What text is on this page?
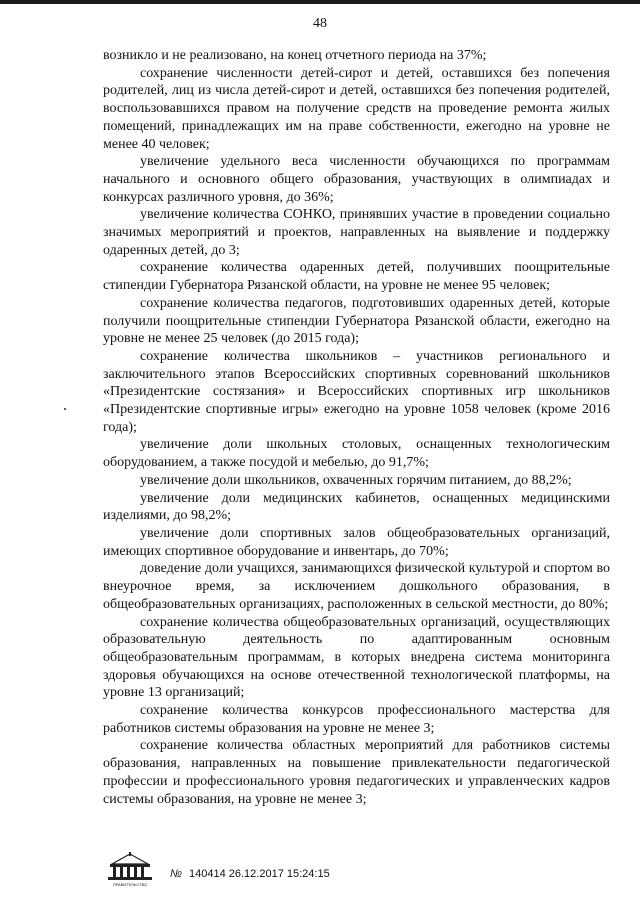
48

возникло и не реализовано, на конец отчетного периода на 37%;

сохранение численности детей-сирот и детей, оставшихся без попечения родителей, лиц из числа детей-сирот и детей, оставшихся без попечения родителей, воспользовавшихся правом на получение средств на проведение ремонта жилых помещений, принадлежащих им на праве собственности, ежегодно на уровне не менее 40 человек;

увеличение удельного веса численности обучающихся по программам начального и основного общего образования, участвующих в олимпиадах и конкурсах различного уровня, до 36%;

увеличение количества СОНКО, принявших участие в проведении социально значимых мероприятий и проектов, направленных на выявление и поддержку одаренных детей, до 3;

сохранение количества одаренных детей, получивших поощрительные стипендии Губернатора Рязанской области, на уровне не менее 95 человек;

сохранение количества педагогов, подготовивших одаренных детей, которые получили поощрительные стипендии Губернатора Рязанской области, ежегодно на уровне не менее 25 человек (до 2015 года);

сохранение количества школьников – участников регионального и заключительного этапов Всероссийских спортивных соревнований школьников «Президентские состязания» и Всероссийских спортивных игр школьников «Президентские спортивные игры» ежегодно на уровне 1058 человек (кроме 2016 года);

увеличение доли школьных столовых, оснащенных технологическим оборудованием, а также посудой и мебелью, до 91,7%;

увеличение доли школьников, охваченных горячим питанием, до 88,2%;

увеличение доли медицинских кабинетов, оснащенных медицинскими изделиями, до 98,2%;

увеличение доли спортивных залов общеобразовательных организаций, имеющих спортивное оборудование и инвентарь, до 70%;

доведение доли учащихся, занимающихся физической культурой и спортом во внеурочное время, за исключением дошкольного образования, в общеобразовательных организациях, расположенных в сельской местности, до 80%;

сохранение количества общеобразовательных организаций, осуществляющих образовательную деятельность по адаптированным основным общеобразовательным программам, в которых внедрена система мониторинга здоровья обучающихся на основе отечественной технологической платформы, на уровне 13 организаций;

сохранение количества конкурсов профессионального мастерства для работников системы образования на уровне не менее 3;

сохранение количества областных мероприятий для работников системы образования, направленных на повышение привлекательности педагогической профессии и профессионального уровня педагогических и управленческих кадров системы образования, на уровне не менее 3;

ПРАВИТЕЛЬСТВО
№ 140414 26.12.2017 15:24:15
